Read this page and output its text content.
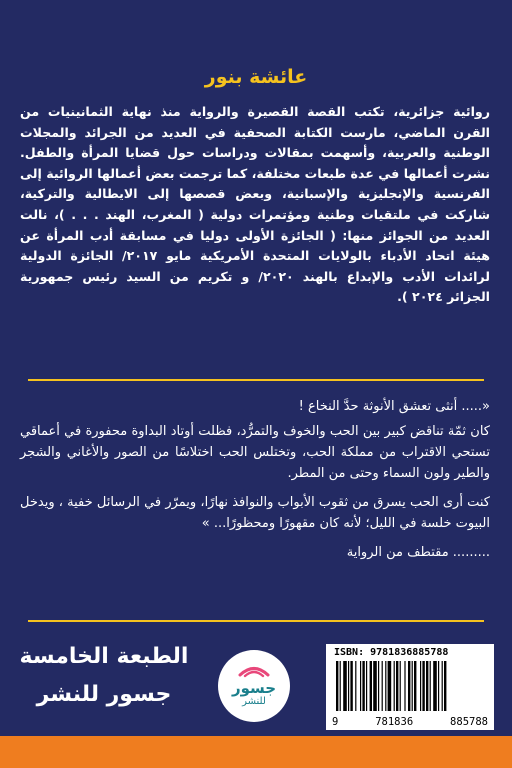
عائشة بنور
روائية جزائرية، تكتب القصة القصيرة والرواية منذ نهاية الثمانينيات من القرن الماضي، مارست الكتابة الصحفية في العديد من الجرائد والمجلات الوطنية والعربية، وأسهمت بمقالات ودراسات حول قضايا المرأة والطفل. نشرت أعمالها في عدة طبعات مختلفة، كما ترجمت بعض أعمالها الروائية إلى الفرنسية والإنجليزية والإسبانية، وبعض قصصها إلى الايطالية والتركية، شاركت في ملتقيات وطنية ومؤتمرات دولية ( المغرب، الهند . . . )، نالت العديد من الجوائز منها: ( الجائزة الأولى دوليا في مسابقة أدب المرأة عن هيئة اتحاد الأدباء بالولايات المتحدة الأمريكية مايو ٢٠١٧/ الجائزة الدولية لرائدات الأدب والإبداع بالهند ٢٠٢٠/ و تكريم من السيد رئيس جمهورية الجزائر ٢٠٢٤ ).

«..... أنثى تعشق الأنوثة حدَّ النخاع !

كان ثمّة تناقض كبير بين الحب والخوف والتمرُّد، فظلت أوتاد البداوة محفورة في أعماقي تستحي الاقتراب من مملكة الحب، وتختلس الحب اختلاسًا من الصور والأغاني والشجر والطير ولون السماء وحتى من المطر.

كنت أرى الحب يسرق من ثقوب الأبواب والنوافذ نهارًا، ويمرّر في الرسائل خفية ، ويدخل البيوت خلسة في الليل؛ لأنه كان مقهورًا ومحظورًا... »

......... مقتطف من الرواية

الطبعة الخامسة
جسور للنشر	جسور
للنشر
ISBN: 9781836885788
9	781836	885788
